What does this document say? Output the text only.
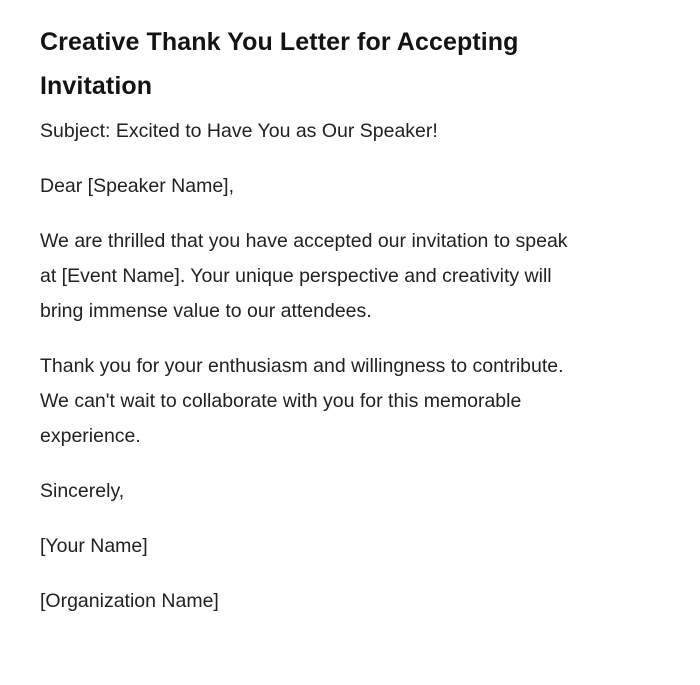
Creative Thank You Letter for Accepting
Invitation

Subject: Excited to Have You as Our Speaker!

Dear [Speaker Name],

We are thrilled that you have accepted our invitation to speak
at [Event Name]. Your unique perspective and creativity will
bring immense value to our attendees.

Thank you for your enthusiasm and willingness to contribute.
We can't wait to collaborate with you for this memorable
experience.

Sincerely,

[Your Name]

[Organization Name]
